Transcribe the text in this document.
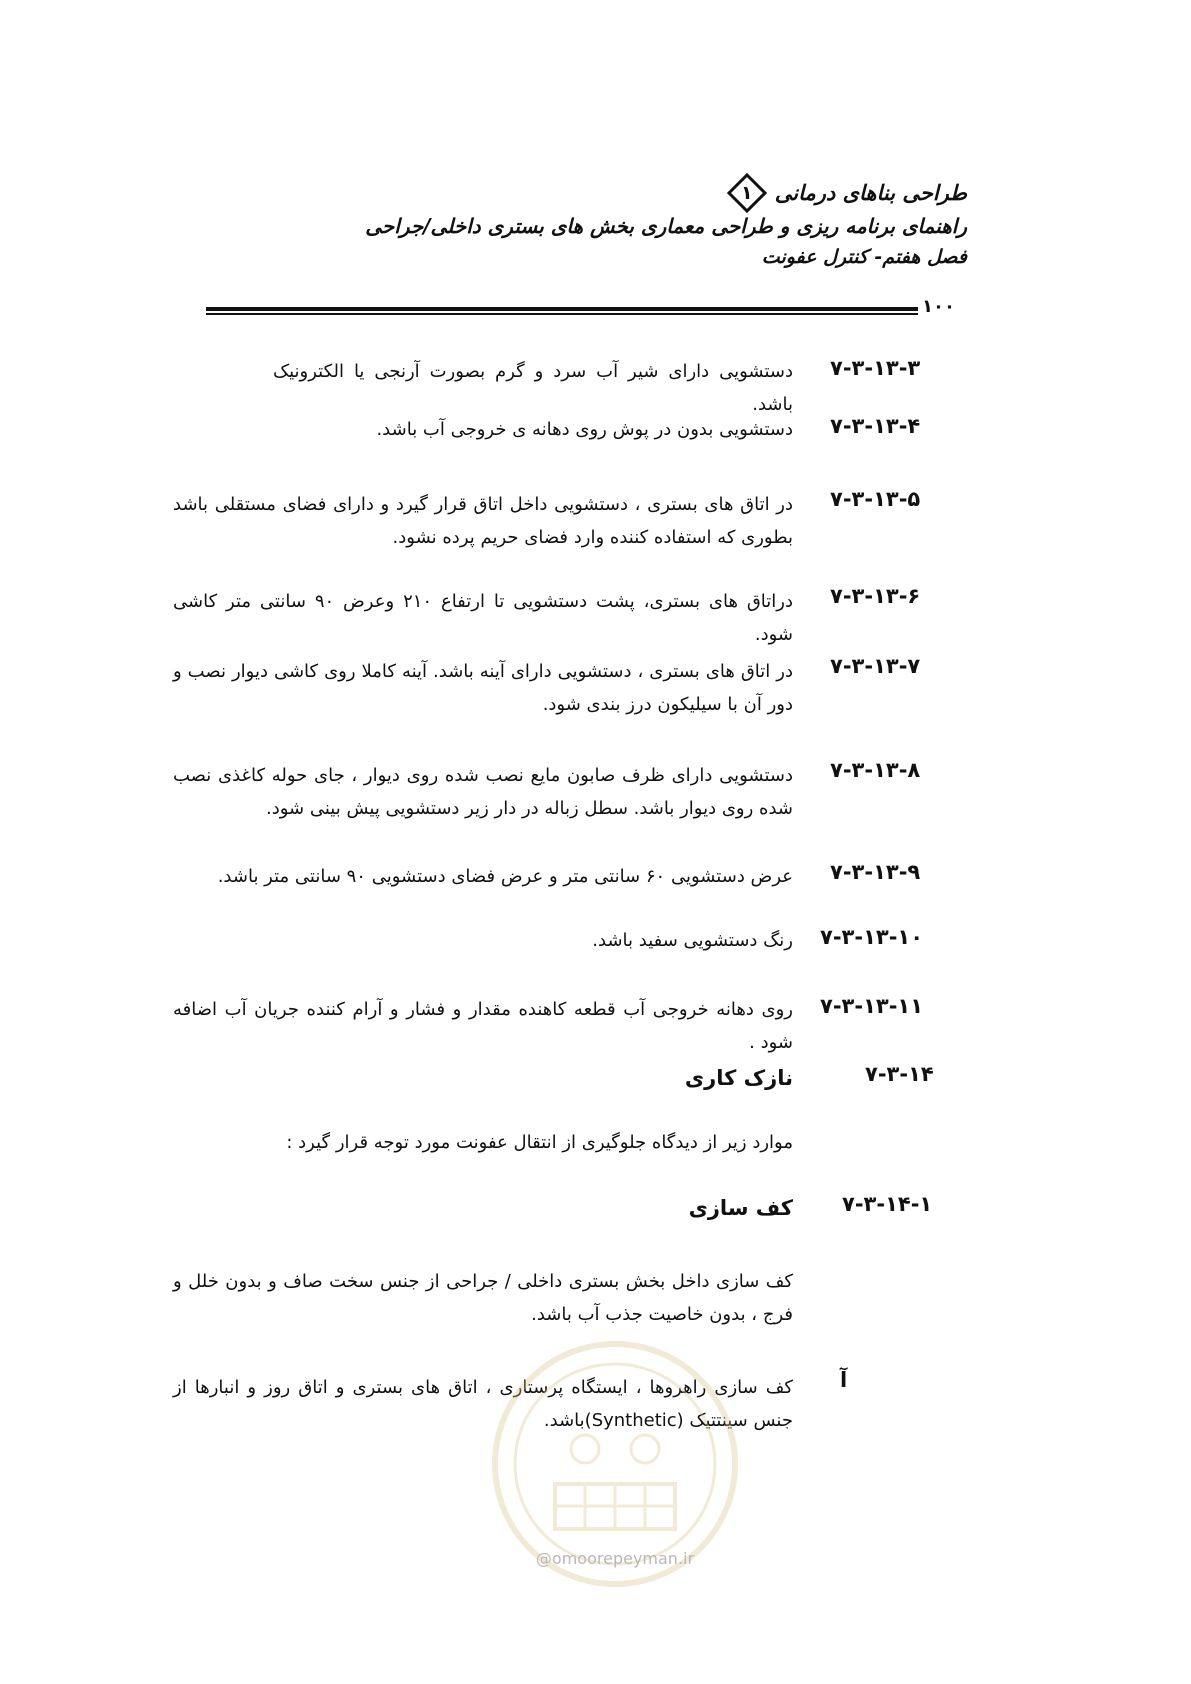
طراحی بناهای درمانی
۱
راهنمای برنامه ریزی و طراحی معماری بخش های بستری داخلی/جراحی
فصل هفتم- کنترل عفونت
۱۰۰
۷-۳-۱۳-۳
دستشویی دارای شیر آب سرد و گرم بصورت آرنجی یا الکترونیک باشد.
۷-۳-۱۳-۴
دستشویی بدون در پوش روی دهانه ی خروجی آب باشد.
۷-۳-۱۳-۵
در اتاق های بستری ، دستشویی داخل اتاق قرار گیرد و دارای فضای مستقلی باشد بطوری که استفاده کننده وارد فضای حریم پرده نشود.
۷-۳-۱۳-۶
دراتاق های بستری، پشت دستشویی تا ارتفاع ۲۱۰ وعرض ۹۰ سانتی متر کاشی شود.
۷-۳-۱۳-۷
در اتاق های بستری ، دستشویی دارای آینه باشد. آینه کاملا روی کاشی دیوار نصب و دور آن با سیلیکون درز بندی شود.
۷-۳-۱۳-۸
دستشویی دارای ظرف صابون مایع نصب شده روی دیوار ، جای حوله کاغذی نصب شده روی دیوار باشد. سطل زباله در دار زیر دستشویی پیش بینی شود.
۷-۳-۱۳-۹
عرض دستشویی ۶۰ سانتی متر و عرض فضای دستشویی ۹۰ سانتی متر باشد.
۷-۳-۱۳-۱۰
رنگ دستشویی سفید باشد.
۷-۳-۱۳-۱۱
روی دهانه خروجی آب قطعه کاهنده مقدار و فشار و آرام کننده جریان آب اضافه شود .
۷-۳-۱۴
نازک کاری
موارد زیر از دیدگاه جلوگیری از انتقال عفونت مورد توجه قرار گیرد :
۷-۳-۱۴-۱
کف سازی
کف سازی داخل بخش بستری داخلی / جراحی از جنس سخت صاف و بدون خلل و فرج ، بدون خاصیت جذب آب باشد.
آ
کف سازی راهروها ، ایستگاه پرستاری ، اتاق های بستری و اتاق روز و انبارها از جنس سینتتیک (Synthetic)باشد.
@omoorepeyman.ir
